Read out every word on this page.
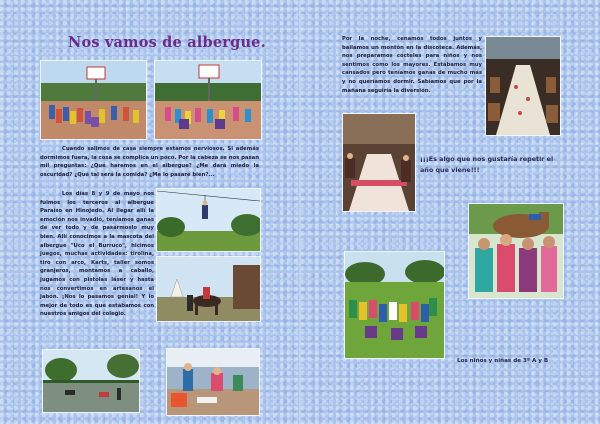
Nos vamos de albergue.

Cuando salimos de casa siempre estamos nerviosos. Si además dormimos fuera, la cosa se complica un poco. Por la cabeza se nos pasan mil preguntas: ¿Qué haremos en el albergue? ¿Me dará miedo la oscuridad? ¿Qué tal será la comida? ¿Me lo pasaré bien?...

Los días 8 y 9 de mayo nos fuimos los terceros al albergue Paraíso en Hinojedo. Al llegar allí la emoción nos invadió, teníamos ganas de ver todo y de pasármoslo muy bien. Allí conocimos a la mascota del albergue "Uco el Burruco", hicimos juegos, muchas actividades: tirolina, tiro con arco, Karts, taller somos granjeros, montamos a caballo, jugamos con pistolas láser y hasta nos convertimos en artesanos el jabón. ¡Nos lo pasamos genial! Y lo mejor de todo es que estábamos con nuestros amigos del colegio.

Por la noche, cenamos todos juntos y bailamos un montón en la discoteca. Además, nos preparamos cócteles para niños y nos sentimos como los mayores. Estábamos muy cansados pero teníamos ganas de mucho más y no queríamos dormir. Sabíamos que por la mañana seguiría la diversión.

¡¡¡Es algo que nos gustaría repetir el año que viene!!!

Los niños y niñas de 3º A y B
